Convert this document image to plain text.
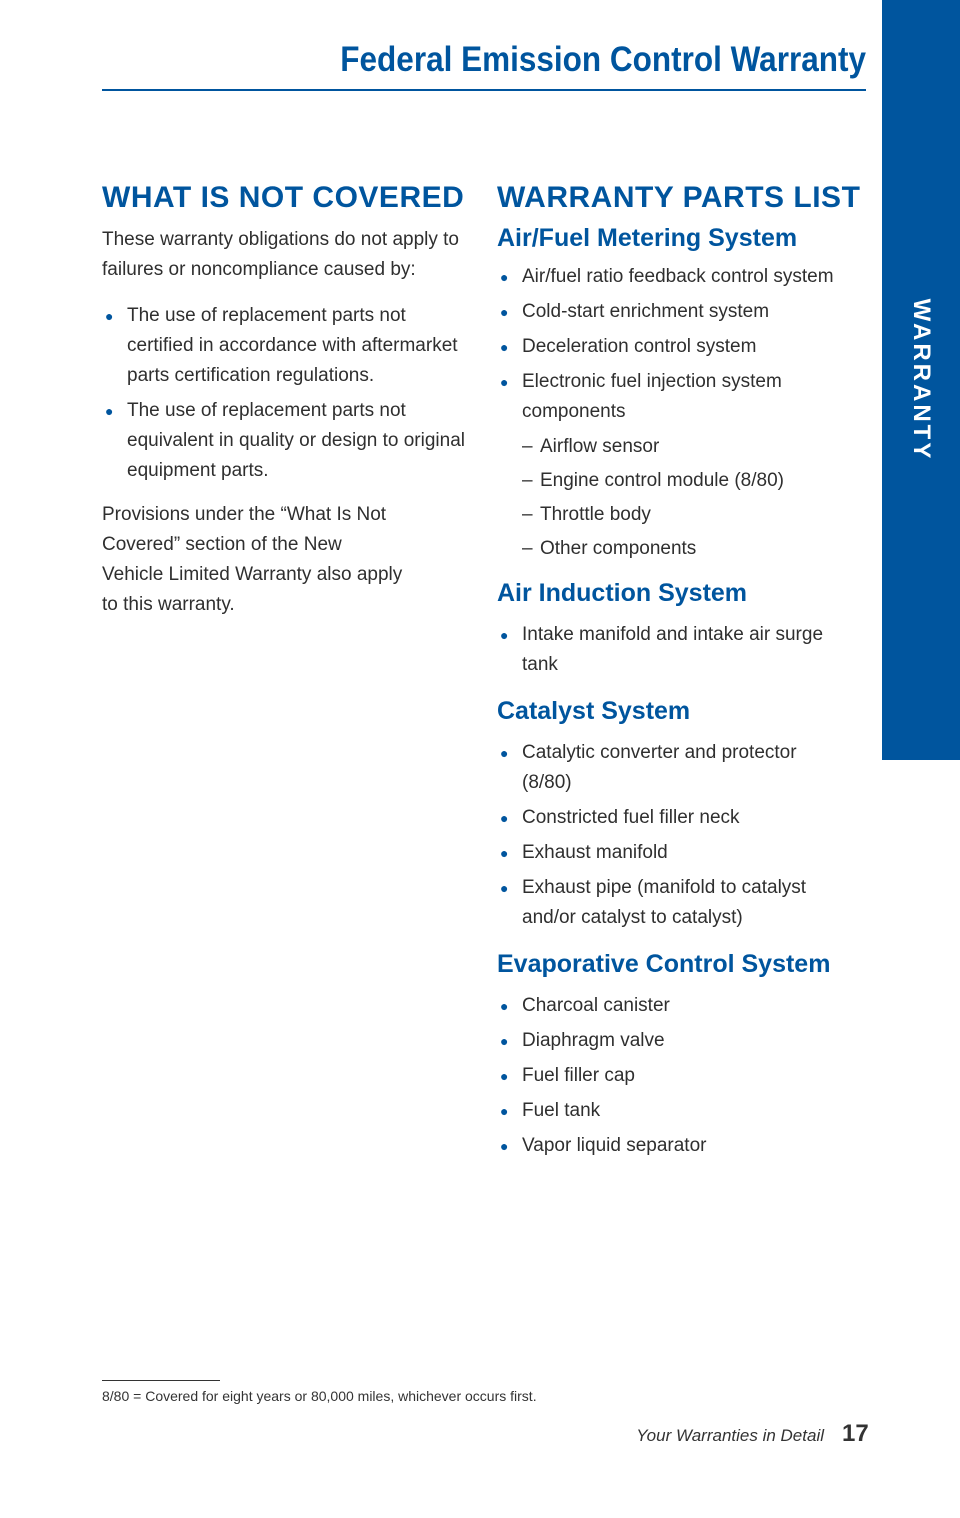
Federal Emission Control Warranty
WARRANTY
WHAT IS NOT COVERED

These warranty obligations do not apply to failures or noncompliance caused by:

● The use of replacement parts not certified in accordance with aftermarket parts certification regulations.
● The use of replacement parts not equivalent in quality or design to original equipment parts.

Provisions under the “What Is Not Covered” section of the New Vehicle Limited Warranty also apply to this warranty.

WARRANTY PARTS LIST
Air/Fuel Metering System
● Air/fuel ratio feedback control system
● Cold-start enrichment system
● Deceleration control system
● Electronic fuel injection system components
– Airflow sensor
– Engine control module (8/80)
– Throttle body
– Other components
Air Induction System
● Intake manifold and intake air surge tank
Catalyst System
● Catalytic converter and protector (8/80)
● Constricted fuel filler neck
● Exhaust manifold
● Exhaust pipe (manifold to catalyst and/or catalyst to catalyst)
Evaporative Control System
● Charcoal canister
● Diaphragm valve
● Fuel filler cap
● Fuel tank
● Vapor liquid separator
8/80 = Covered for eight years or 80,000 miles, whichever occurs first.
Your Warranties in Detail 17
